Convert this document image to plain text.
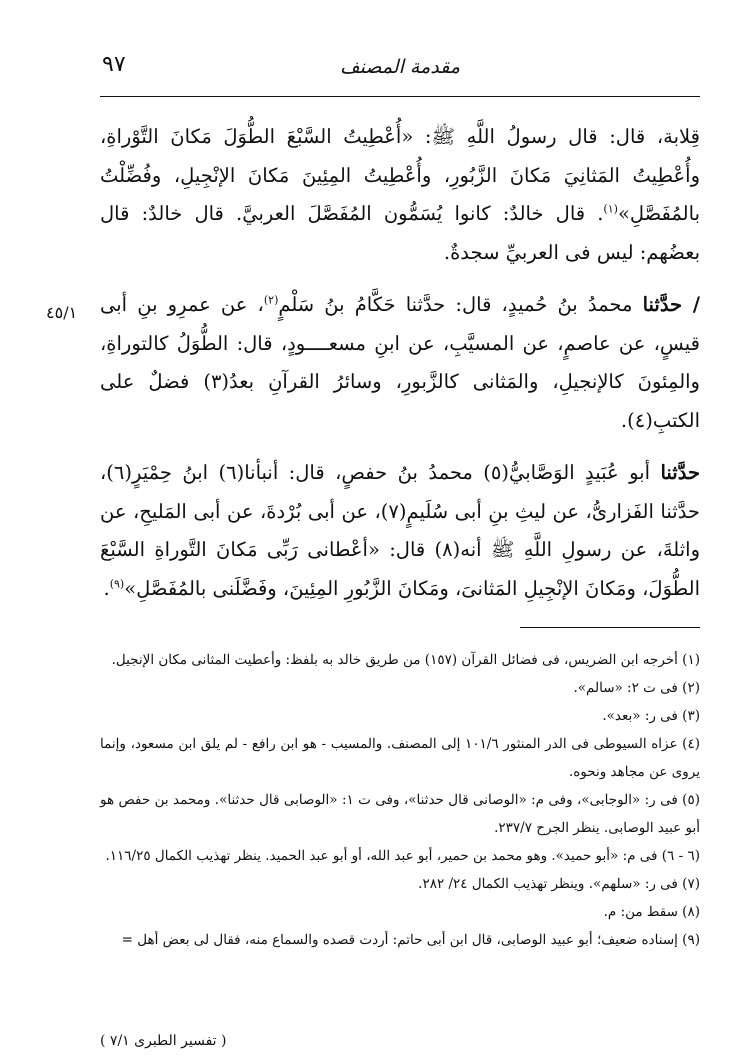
مقدمة المصنف
٩٧
٤٥/١

قِلابة، قال: قال رسولُ اللَّهِ ﷺ: «أُعْطِيتُ السَّبْعَ الطُّوَلَ مَكانَ التَّوْراةِ، وأُعْطِيتُ المَثانِيَ مَكانَ الزَّبُورِ، وأُعْطِيتُ المِئِينَ مَكانَ الإنْجِيلِ، وفُضِّلْتُ بالمُفَصَّلِ»$^{(١)}$. قال خالدٌ: كانوا يُسَمُّون المُفَصَّلَ العربيَّ. قال خالدٌ: قال بعضُهم: ليس فى العربيِّ سجدةٌ.

/ حدَّثنا محمدُ بنُ حُميدٍ، قال: حدَّثنا حَكَّامُ بنُ سَلْمٍ$^{(٢)}$، عن عمرِو بنِ أبى قيسٍ، عن عاصمٍ، عن المسيَّبِ، عن ابنِ مسعــــودٍ، قال: الطُّوَلُ كالتوراةِ، والمِئونَ كالإنجيلِ، والمَثانى كالزَّبورِ، وسائرُ القرآنِ بعدُ(٣) فضلٌ على الكتبِ(٤).

حدَّثنا أبو عُبَيدٍ الوَصَّابيُّ(٥) محمدُ بنُ حفصٍ، قال: أنبأنا(٦) ابنُ حِمْيَرٍ(٦)، حدَّثنا الفَزارىُّ، عن ليثِ بنِ أبى سُلَيمٍ(٧)، عن أبى بُرْدةَ، عن أبى المَليحِ، عن واثلةَ، عن رسولِ اللَّهِ ﷺ أنه(٨) قال: «أعْطانى رَبِّى مَكانَ التَّوراةِ السَّبْعَ الطُّوَلَ، ومَكانَ الإنْجِيلِ المَثانىَ، ومَكانَ الزَّبُورِ المِئِينَ، وفَضَّلَنى بالمُفَصَّلِ»$^{(٩)}$.

(١) أخرجه ابن الضريس، فى فضائل القرآن (١٥٧) من طريق خالد به بلفظ: وأعطيت المثانى مكان الإنجيل.

(٢) فى ت ٢: «سالم».

(٣) فى ر: «بعد».

(٤) عزاه السيوطى فى الدر المنثور ١٠١/٦ إلى المصنف. والمسيب - هو ابن رافع - لم يلق ابن مسعود، وإنما يروى عن مجاهد ونحوه.

(٥) فى ر: «الوجابى»، وفى م: «الوصانى قال حدثنا»، وفى ت ١: «الوصابى قال حدثنا». ومحمد بن حفص هو أبو عبيد الوصابى. ينظر الجرح ٢٣٧/٧.

(٦ - ٦) فى م: «أبو حميد». وهو محمد بن حمير، أبو عبد الله، أو أبو عبد الحميد. ينظر تهذيب الكمال ١١٦/٢٥.

(٧) فى ر: «سلهم». وينظر تهذيب الكمال ٢٤/ ٢٨٢.

(٨) سقط من: م.

(٩) إسناده ضعيف؛ أبو عبيد الوصابى، قال ابن أبى حاتم: أردت قصده والسماع منه، فقال لى بعض أهل =

( تفسير الطبرى ٧/١ )
